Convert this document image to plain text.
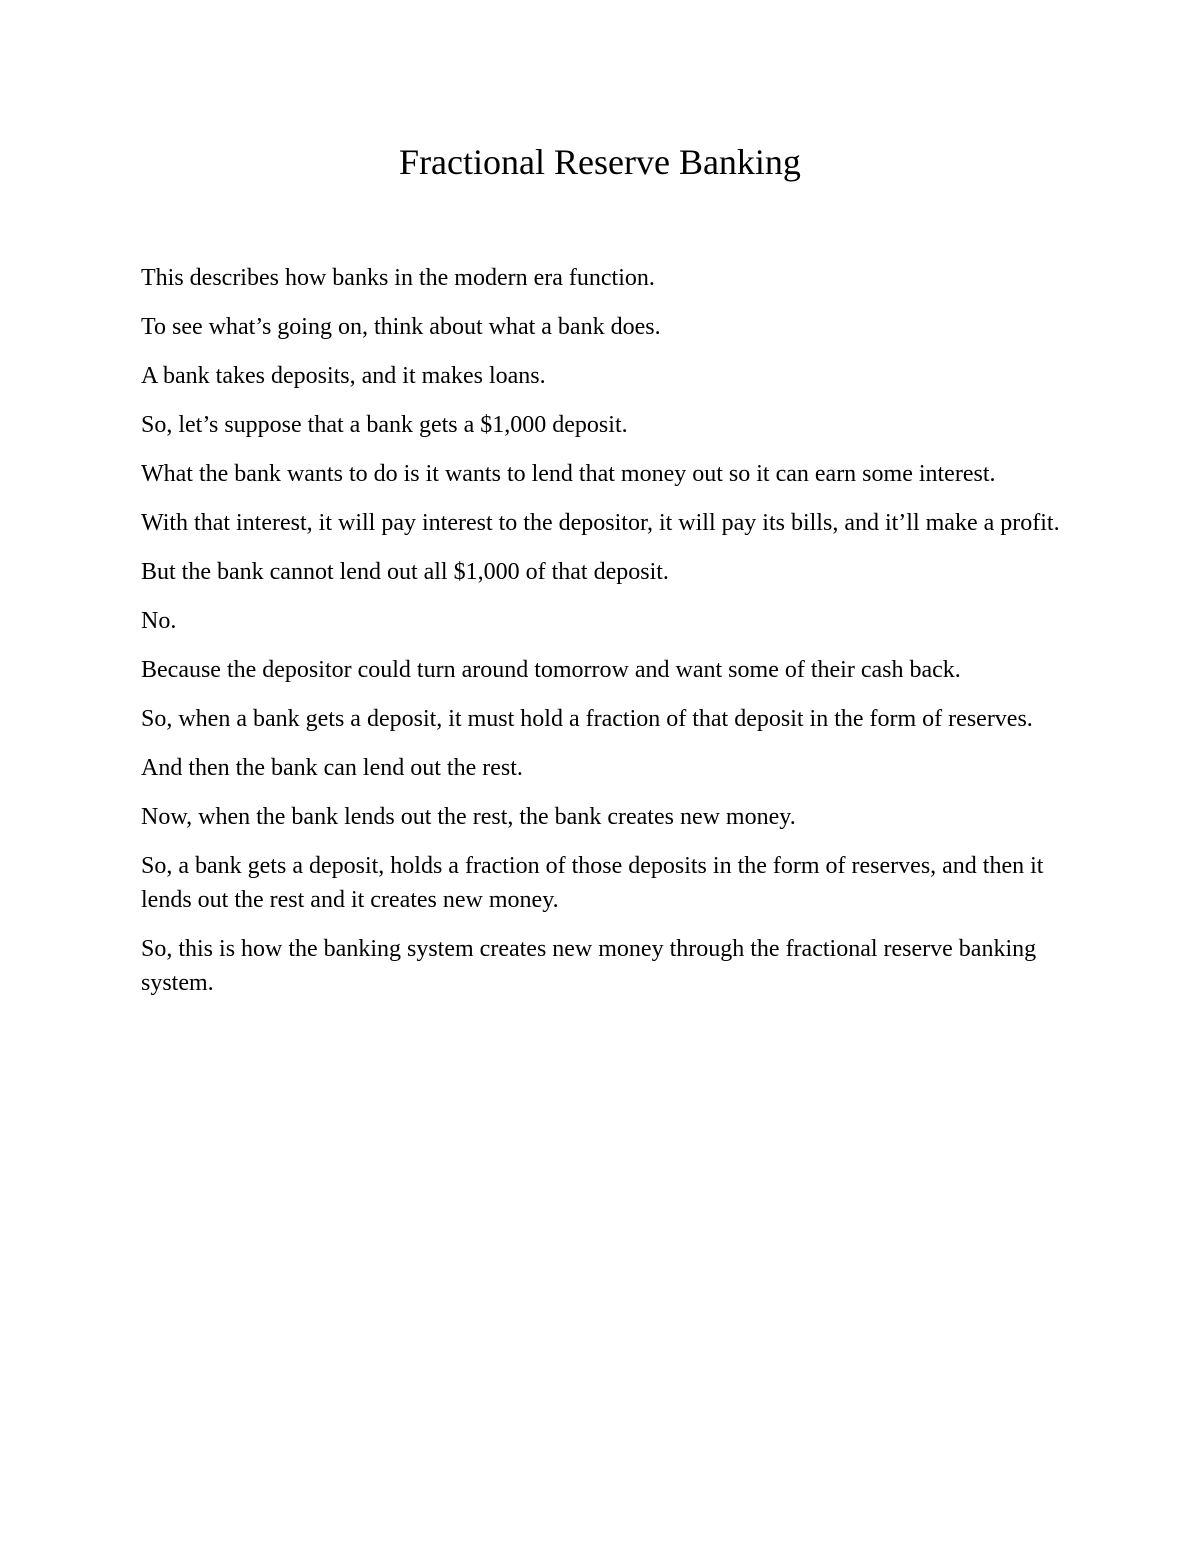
Fractional Reserve Banking

This describes how banks in the modern era function.

To see what’s going on, think about what a bank does.

A bank takes deposits, and it makes loans.

So, let’s suppose that a bank gets a $1,000 deposit.

What the bank wants to do is it wants to lend that money out so it can earn some interest.

With that interest, it will pay interest to the depositor, it will pay its bills, and it’ll make a profit.

But the bank cannot lend out all $1,000 of that deposit.

No.

Because the depositor could turn around tomorrow and want some of their cash back.

So, when a bank gets a deposit, it must hold a fraction of that deposit in the form of reserves.

And then the bank can lend out the rest.

Now, when the bank lends out the rest, the bank creates new money.

So, a bank gets a deposit, holds a fraction of those deposits in the form of reserves, and then it lends out the rest and it creates new money.

So, this is how the banking system creates new money through the fractional reserve banking system.
